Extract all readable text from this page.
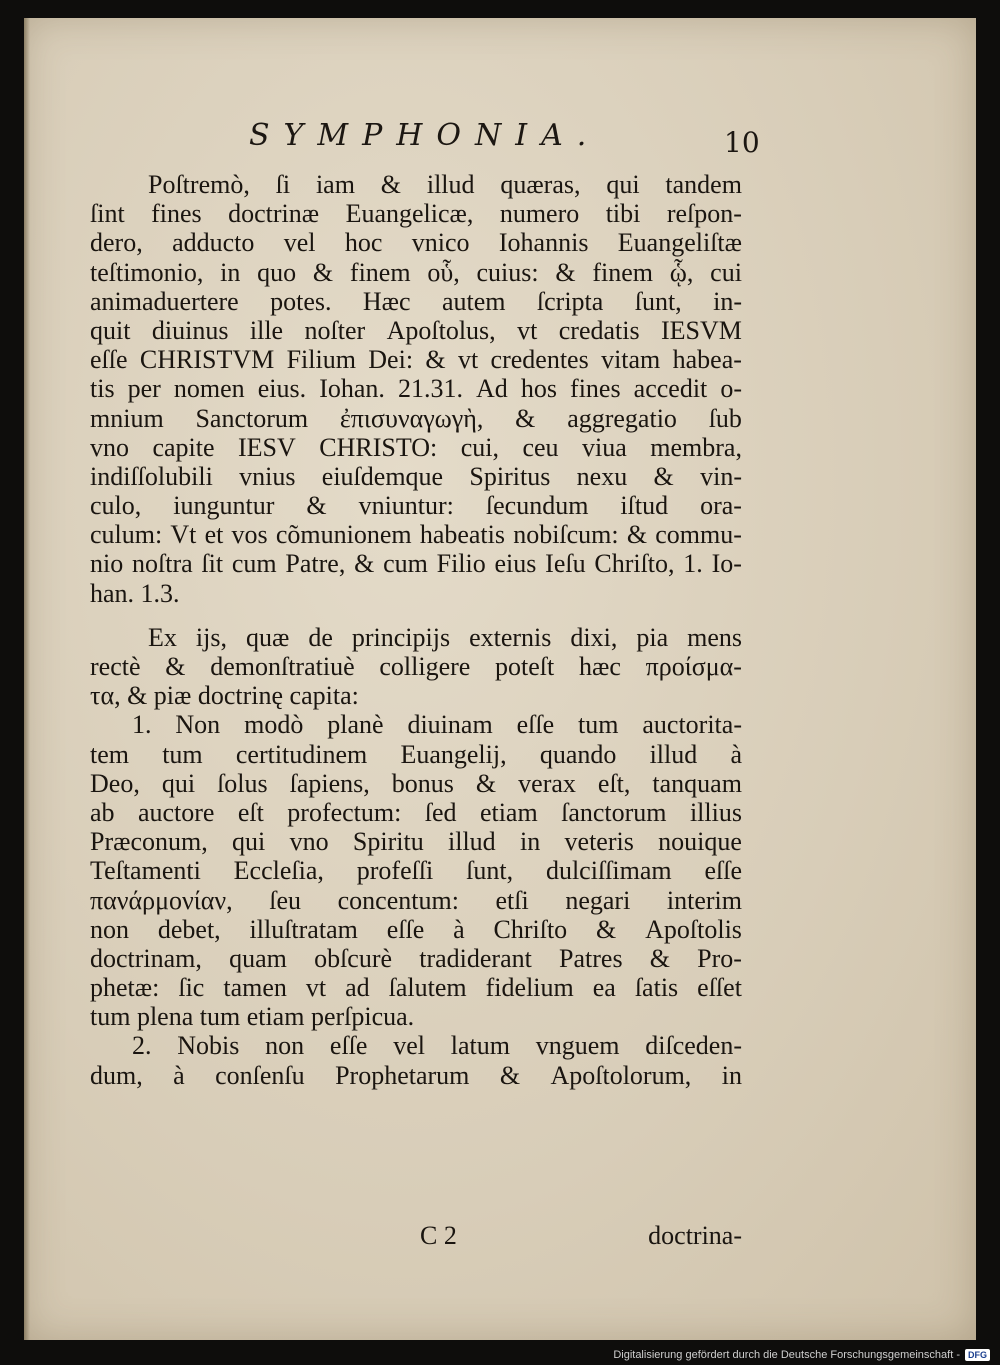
SYMPHONIA.	10
Poſtremò, ſi iam & illud quæras, qui tandem
ſint fines doctrinæ Euangelicæ, numero tibi reſpon-
dero, adducto vel hoc vnico Iohannis Euangeliſtæ
teſtimonio, in quo & finem οὗ, cuius: & finem ᾧ, cui
animaduertere potes. Hæc autem ſcripta ſunt, in-
quit diuinus ille noſter Apoſtolus, vt credatis IESVM
eſſe CHRISTVM Filium Dei: & vt credentes vitam habea-
tis per nomen eius. Iohan. 21.31. Ad hos fines accedit o-
mnium Sanctorum ἐπισυναγωγὴ, & aggregatio ſub
vno capite IESV CHRISTO: cui, ceu viua membra,
indiſſolubili vnius eiuſdemque Spiritus nexu & vin-
culo, iunguntur & vniuntur: ſecundum iſtud ora-
culum: Vt et vos cõmunionem habeatis nobiſcum: & commu-
nio noſtra ſit cum Patre, & cum Filio eius Ieſu Chriſto, 1. Io-
han. 1.3.
Ex ijs, quæ de principijs externis dixi, pia mens
rectè & demonſtratiuè colligere poteſt hæc προίσμα-
τα, & piæ doctrinę capita:
1. Non modò planè diuinam eſſe tum auctorita-
tem tum certitudinem Euangelij, quando illud à
Deo, qui ſolus ſapiens, bonus & verax eſt, tanquam
ab auctore eſt profectum: ſed etiam ſanctorum illius
Præconum, qui vno Spiritu illud in veteris nouique
Teſtamenti Eccleſia, profeſſi ſunt, dulciſſimam eſſe
πανάρμονίαν, ſeu concentum: etſi negari interim
non debet, illuſtratam eſſe à Chriſto & Apoſtolis
doctrinam, quam obſcurè tradiderant Patres & Pro-
phetæ: ſic tamen vt ad ſalutem fidelium ea ſatis eſſet
tum plena tum etiam perſpicua.
2. Nobis non eſſe vel latum vnguem diſceden-
dum, à conſenſu Prophetarum & Apoſtolorum, in
C 2	doctrina-
Digitalisierung gefördert durch die Deutsche Forschungsgemeinschaft - DFG
